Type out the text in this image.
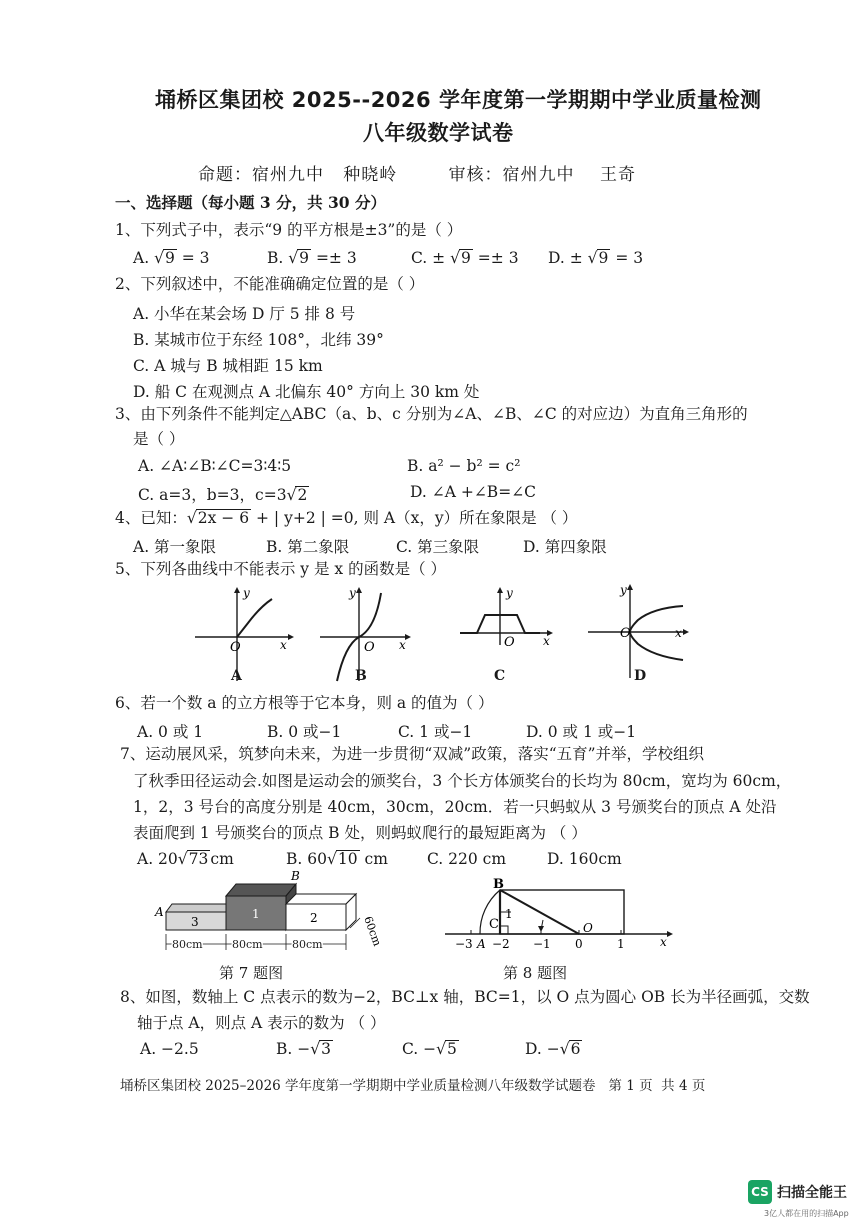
埇桥区集团校 2025--2026 学年度第一学期期中学业质量检测
八年级数学试卷
命题：宿州九中   种晓岭        审核：宿州九中    王奇
一、选择题（每小题 3 分，共 30 分）
1、下列式子中，表示“9 的平方根是±3”的是（ ）
A. √9 = 3	B. √9 =± 3	C. ± √9 =± 3 D. ± √9 = 3
2、下列叙述中，不能准确确定位置的是（ ）
A. 小华在某会场 D 厅 5 排 8 号
B. 某城市位于东经 108°，北纬 39°
C. A 城与 B 城相距 15 km
D. 船 C 在观测点 A 北偏东 40° 方向上 30 km 处
3、由下列条件不能判定△ABC（a、b、c 分别为∠A、∠B、∠C 的对应边）为直角三角形的
是（ ）
A. ∠A∶∠B∶∠C=3∶4∶5	B. a² − b² = c²
C. a=3，b=3，c=3√2	D. ∠A +∠B=∠C
4、已知：√2x − 6 + | y+2 | =0, 则 A（x，y）所在象限是 （ ）
A. 第一象限	B. 第二象限	C. 第三象限	D. 第四象限
5、下列各曲线中不能表示 y 是 x 的函数是（ ）
y
x
O
A
y
x
O
B
y
x
O
C
y
x
O
D
6、若一个数 a 的立方根等于它本身，则 a 的值为（ ）
A. 0 或 1	B. 0 或−1	C. 1 或−1	D. 0 或 1 或−1
7、运动展风采，筑梦向未来，为进一步贯彻“双减”政策，落实“五育”并举，学校组织
了秋季田径运动会.如图是运动会的颁奖台，3 个长方体颁奖台的长均为 80cm，宽均为 60cm，
1，2，3 号台的高度分别是 40cm，30cm，20cm．若一只蚂蚁从 3 号颁奖台的顶点 A 处沿
表面爬到 1 号颁奖台的顶点 B 处，则蚂蚁爬行的最短距离为 （ ）
A. 20√73 cm	B. 60√10 cm	C. 220 cm	D. 160cm
3
1	2
A
B
80cm	80cm	80cm	60cm
第 7 题图
B
C
1
O
−3 A −2 −1 0	1	x
第 8 题图
8、如图，数轴上 C 点表示的数为−2，BC⊥x 轴，BC=1，以 O 点为圆心 OB 长为半径画弧，交数
轴于点 A，则点 A 表示的数为 （ ）
A. −2.5	B. −√3	C. −√5	D. −√6
埇桥区集团校 2025–2026 学年度第一学期期中学业质量检测八年级数学试题卷   第 1 页  共 4 页
CS 扫描全能王
3亿人都在用的扫描App
